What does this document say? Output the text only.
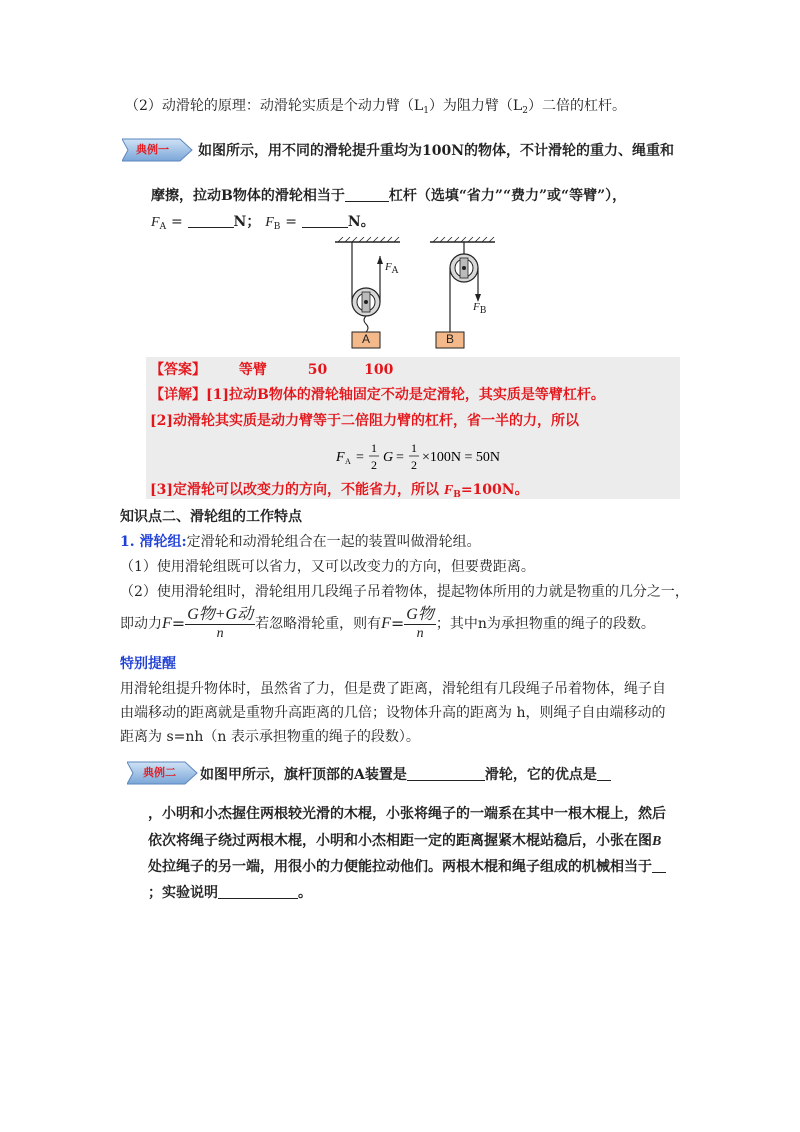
（2）动滑轮的原理：动滑轮实质是个动力臂$(L_1)$为阻力臂$(L_2)$二倍的杠杆。
典例一 如图所示，用不同的滑轮提升重均为100N的物体，不计滑轮的重力、绳重和
摩擦，拉动B物体的滑轮相当于	杠杆（选填“省力”“费力”或“等臂”），
$F_A$ =	N； $F_B$ =	N。
A	B
$F_A$
$F_B$
【答案】 等臂	50	100
【详解】[1]拉动B物体的滑轮轴固定不动是定滑轮，其实质是等臂杠杆。
[2]动滑轮其实质是动力臂等于二倍阻力臂的杠杆，省一半的力，所以
F A =
1
2 G =
1
2 ×100N = 50N
[3]定滑轮可以改变力的方向，不能省力，所以 $F_B=100N$。
知识点二、滑轮组的工作特点
1. 滑轮组:定滑轮和动滑轮组合在一起的装置叫做滑轮组。
（1）使用滑轮组既可以省力，又可以改变力的方向，但要费距离。
（2）使用滑轮组时，滑轮组用几段绳子吊着物体，提起物体所用的力就是物重的几分之一，
即动力 $F = \frac{\text{G物+G动}}{n}$ 若忽略滑轮重，则有 $F = \frac{\text{G物}}{n}$ ；其中n为承担物重的绳子的段数。
特别提醒
用滑轮组提升物体时，虽然省了力，但是费了距离，滑轮组有几段绳子吊着物体，绳子自
由端移动的距离就是重物升高距离的几倍；设物体升高的距离为 h，则绳子自由端移动的
距离为 s=nh（n 表示承担物重的绳子的段数）。
典例二 如图甲所示，旗杆顶部的A装置是	滑轮，它的优点是
，小明和小杰握住两根较光滑的木棍，小张将绳子的一端系在其中一根木棍上，然后
依次将绳子绕过两根木棍，小明和小杰相距一定的距离握紧木棍站稳后，小张在图B
处拉绳子的另一端，用很小的力便能拉动他们。两根木棍和绳子组成的机械相当于
；实验说明	。
